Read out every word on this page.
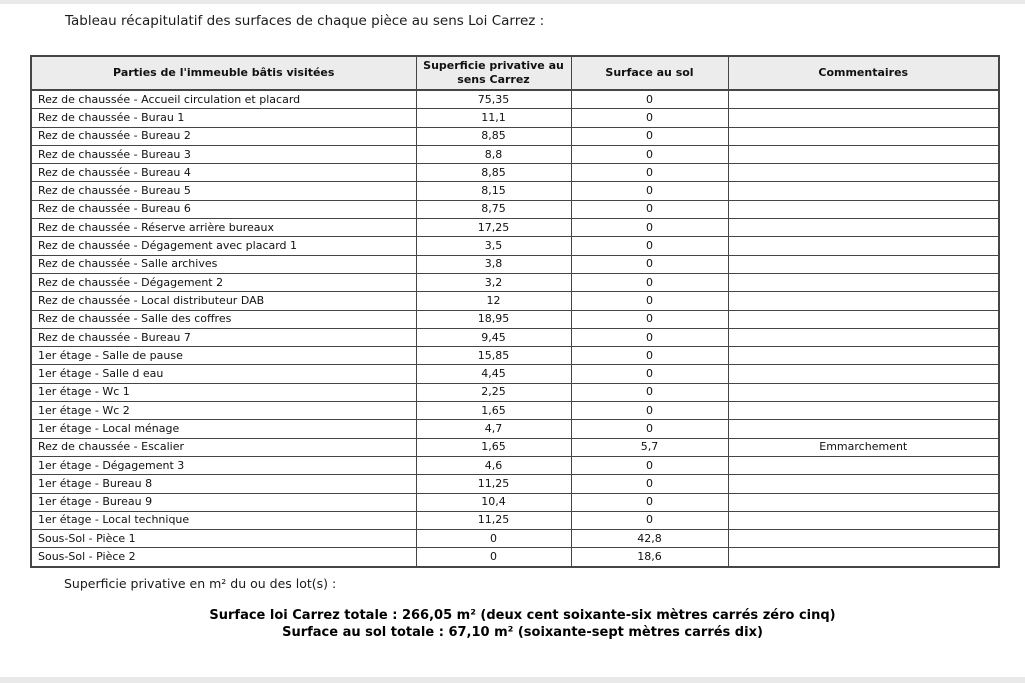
Tableau récapitulatif des surfaces de chaque pièce au sens Loi Carrez :
Parties de l'immeuble bâtis visitées	Superficie privative au sens Carrez	Surface au sol	Commentaires
Rez de chaussée - Accueil circulation et placard	75,35	0	
Rez de chaussée - Burau 1	11,1	0	
Rez de chaussée - Bureau 2	8,85	0	
Rez de chaussée - Bureau 3	8,8	0	
Rez de chaussée - Bureau 4	8,85	0	
Rez de chaussée - Bureau 5	8,15	0	
Rez de chaussée - Bureau 6	8,75	0	
Rez de chaussée - Réserve arrière bureaux	17,25	0	
Rez de chaussée - Dégagement avec placard 1	3,5	0	
Rez de chaussée - Salle archives	3,8	0	
Rez de chaussée - Dégagement 2	3,2	0	
Rez de chaussée - Local distributeur DAB	12	0	
Rez de chaussée - Salle des coffres	18,95	0	
Rez de chaussée - Bureau 7	9,45	0	
1er étage - Salle de pause	15,85	0	
1er étage - Salle d eau	4,45	0	
1er étage - Wc 1	2,25	0	
1er étage - Wc 2	1,65	0	
1er étage - Local ménage	4,7	0	
Rez de chaussée - Escalier	1,65	5,7	Emmarchement
1er étage - Dégagement 3	4,6	0	
1er étage - Bureau 8	11,25	0	
1er étage - Bureau 9	10,4	0	
1er étage - Local technique	11,25	0	
Sous-Sol - Pièce 1	0	42,8	
Sous-Sol - Pièce 2	0	18,6	
Superficie privative en m² du ou des lot(s) :
Surface loi Carrez totale : 266,05 m² (deux cent soixante-six mètres carrés zéro cinq)
Surface au sol totale : 67,10 m² (soixante-sept mètres carrés dix)
